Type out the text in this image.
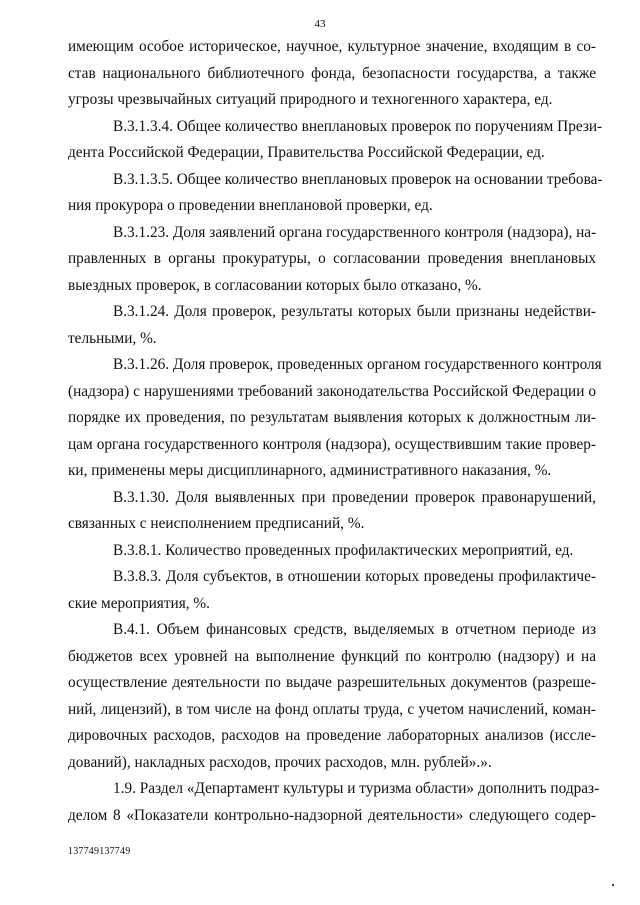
43
имеющим особое историческое, научное, культурное значение, входящим в со-
став национального библиотечного фонда, безопасности государства, а также
угрозы чрезвычайных ситуаций природного и техногенного характера, ед.
В.3.1.3.4. Общее количество внеплановых проверок по поручениям Прези-
дента Российской Федерации, Правительства Российской Федерации, ед.
В.3.1.3.5. Общее количество внеплановых проверок на основании требова-
ния прокурора о проведении внеплановой проверки, ед.
В.3.1.23. Доля заявлений органа государственного контроля (надзора), на-
правленных в органы прокуратуры, о согласовании проведения внеплановых
выездных проверок, в согласовании которых было отказано, %.
В.3.1.24. Доля проверок, результаты которых были признаны недействи-
тельными, %.
В.3.1.26. Доля проверок, проведенных органом государственного контроля
(надзора) с нарушениями требований законодательства Российской Федерации о
порядке их проведения, по результатам выявления которых к должностным ли-
цам органа государственного контроля (надзора), осуществившим такие провер-
ки, применены меры дисциплинарного, административного наказания, %.
В.3.1.30. Доля выявленных при проведении проверок правонарушений,
связанных с неисполнением предписаний, %.
В.3.8.1. Количество проведенных профилактических мероприятий, ед.
В.3.8.3. Доля субъектов, в отношении которых проведены профилактиче-
ские мероприятия, %.
В.4.1. Объем финансовых средств, выделяемых в отчетном периоде из
бюджетов всех уровней на выполнение функций по контролю (надзору) и на
осуществление деятельности по выдаче разрешительных документов (разреше-
ний, лицензий), в том числе на фонд оплаты труда, с учетом начислений, коман-
дировочных расходов, расходов на проведение лабораторных анализов (иссле-
дований), накладных расходов, прочих расходов, млн. рублей».».
1.9. Раздел «Департамент культуры и туризма области» дополнить подраз-
делом 8 «Показатели контрольно-надзорной деятельности» следующего содер-
137749137749
